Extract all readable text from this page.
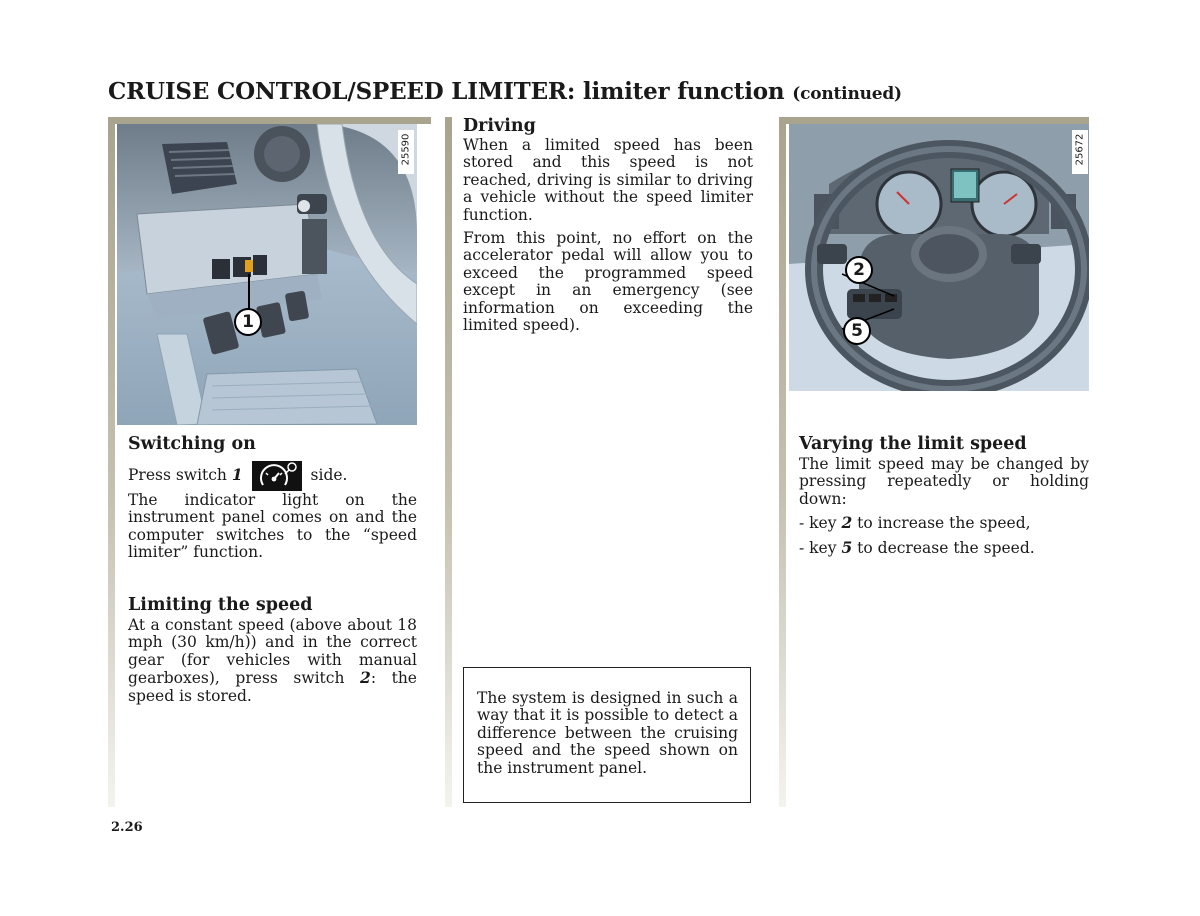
CRUISE CONTROL/SPEED LIMITER: limiter function (continued)
1
25590
2
5
25672
Switching on

Press switch 1	side.

The indicator light on the instrument panel comes on and the computer switches to the “speed limiter” function.

Limiting the speed

At a constant speed (above about 18 mph (30 km/h)) and in the correct gear (for vehicles with manual gearboxes), press switch 2: the speed is stored.

Driving

When a limited speed has been stored and this speed is not reached, driving is similar to driving a vehicle without the speed limiter function.

From this point, no effort on the accelerator pedal will allow you to exceed the programmed speed except in an emergency (see information on exceeding the limited speed).

The system is designed in such a way that it is possible to detect a difference between the cruising speed and the speed shown on the instrument panel.

Varying the limit speed

The limit speed may be changed by pressing repeatedly or holding down:

- key 2 to increase the speed,

- key 5 to decrease the speed.

2.26
